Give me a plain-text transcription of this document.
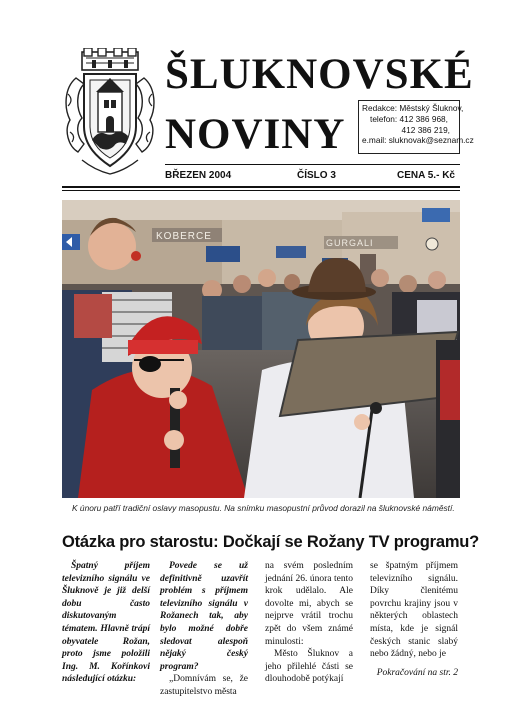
ŠLUKNOVSKÉ
NOVINY
Redakce: Městský Šluknov,
telefon: 412 386 968,
412 386 219,
e.mail: sluknovak@seznam.cz
BŘEZEN 2004	ČÍSLO 3	CENA 5.- Kč
KOBERCE
GURGALI
K únoru patří tradiční oslavy masopustu. Na snímku masopustní průvod dorazil na šluknovské náměstí.
Otázka pro starostu: Dočkají se Rožany TV programu?

Špatný příjem televizního signálu ve Šluknově je již delší dobu často diskutovaným tématem. Hlavně trápí obyvatele Rožan, proto jsme položili Ing. M. Kořínkovi následující otázku:

Povede se už definitivně uzavřít problém s příjmem televizního signálu v Rožanech tak, aby bylo možné dobře sledovat alespoň nějaký český program?

„Domnívám se, že zastupitelstvo města

na svém posledním jednání 26. února tento krok udělalo. Ale dovolte mi, abych se nejprve vrátil trochu zpět do všem známé minulosti:

Město Šluknov a jeho přilehlé části se dlouhodobě potýkají

se špatným příjmem televizního signálu. Díky členitému povrchu krajiny jsou v některých oblastech místa, kde je signál českých stanic slabý nebo žádný, nebo je

Pokračování na str. 2
